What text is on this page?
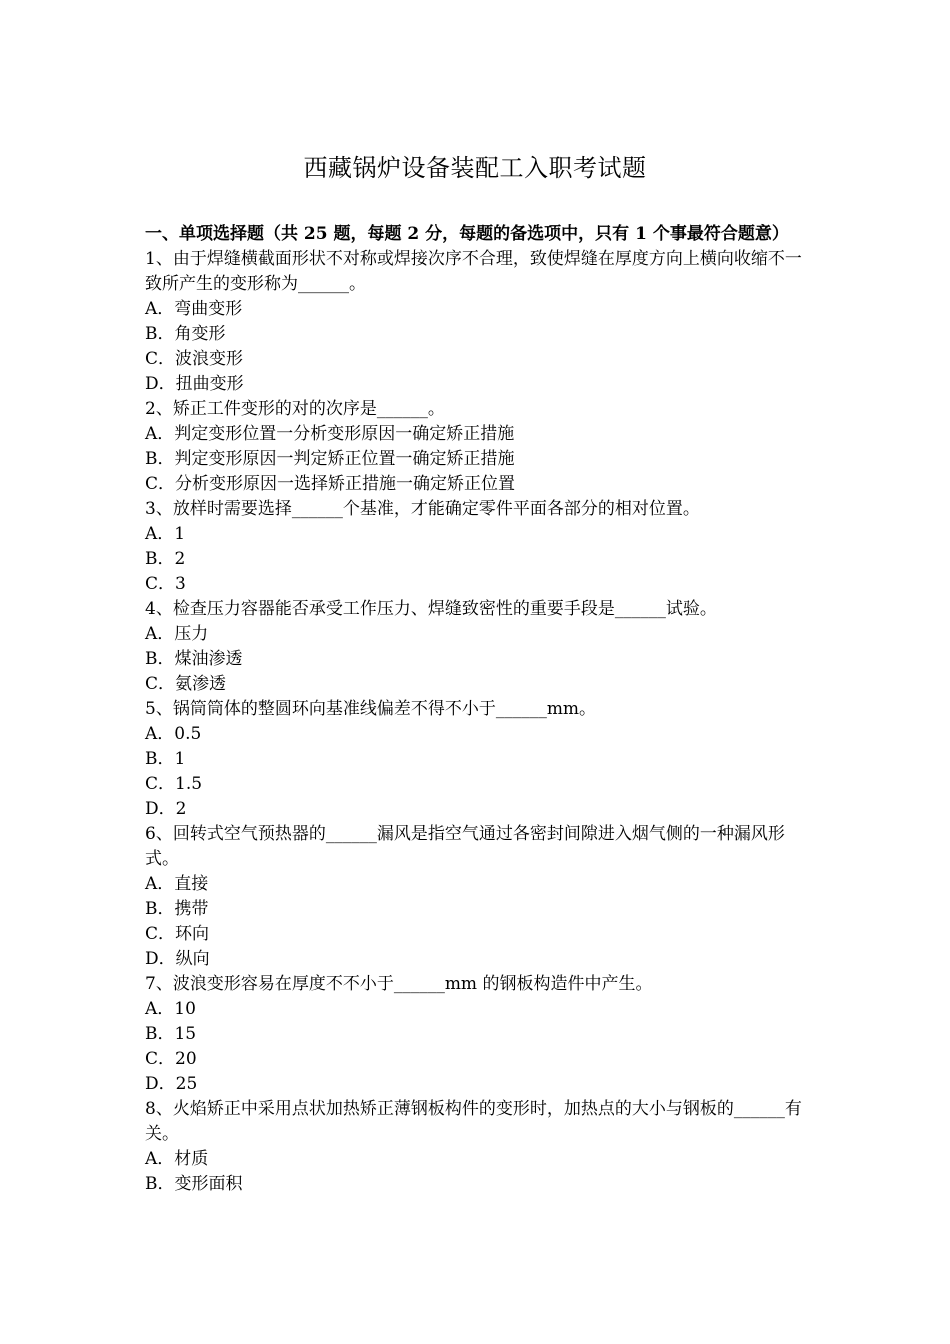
西藏锅炉设备装配工入职考试题

一、单项选择题（共 25 题，每题 2 分，每题的备选项中，只有 1 个事最符合题意）

1、由于焊缝横截面形状不对称或焊接次序不合理，致使焊缝在厚度方向上横向收缩不一致所产生的变形称为______。

A．弯曲变形

B．角变形

C．波浪变形

D．扭曲变形

2、矫正工件变形的对的次序是______。

A．判定变形位置一分析变形原因一确定矫正措施

B．判定变形原因一判定矫正位置一确定矫正措施

C．分析变形原因一选择矫正措施一确定矫正位置

3、放样时需要选择______个基准，才能确定零件平面各部分的相对位置。

A．1

B．2

C．3

4、检查压力容器能否承受工作压力、焊缝致密性的重要手段是______试验。

A．压力

B．煤油渗透

C．氨渗透

5、锅筒筒体的整圆环向基准线偏差不得不小于______mm。

A．0.5

B．1

C．1.5

D．2

6、回转式空气预热器的______漏风是指空气通过各密封间隙进入烟气侧的一种漏风形式。

A．直接

B．携带

C．环向

D．纵向

7、波浪变形容易在厚度不不小于______mm 的钢板构造件中产生。

A．10

B．15

C．20

D．25

8、火焰矫正中采用点状加热矫正薄钢板构件的变形时，加热点的大小与钢板的______有关。

A．材质

B．变形面积
